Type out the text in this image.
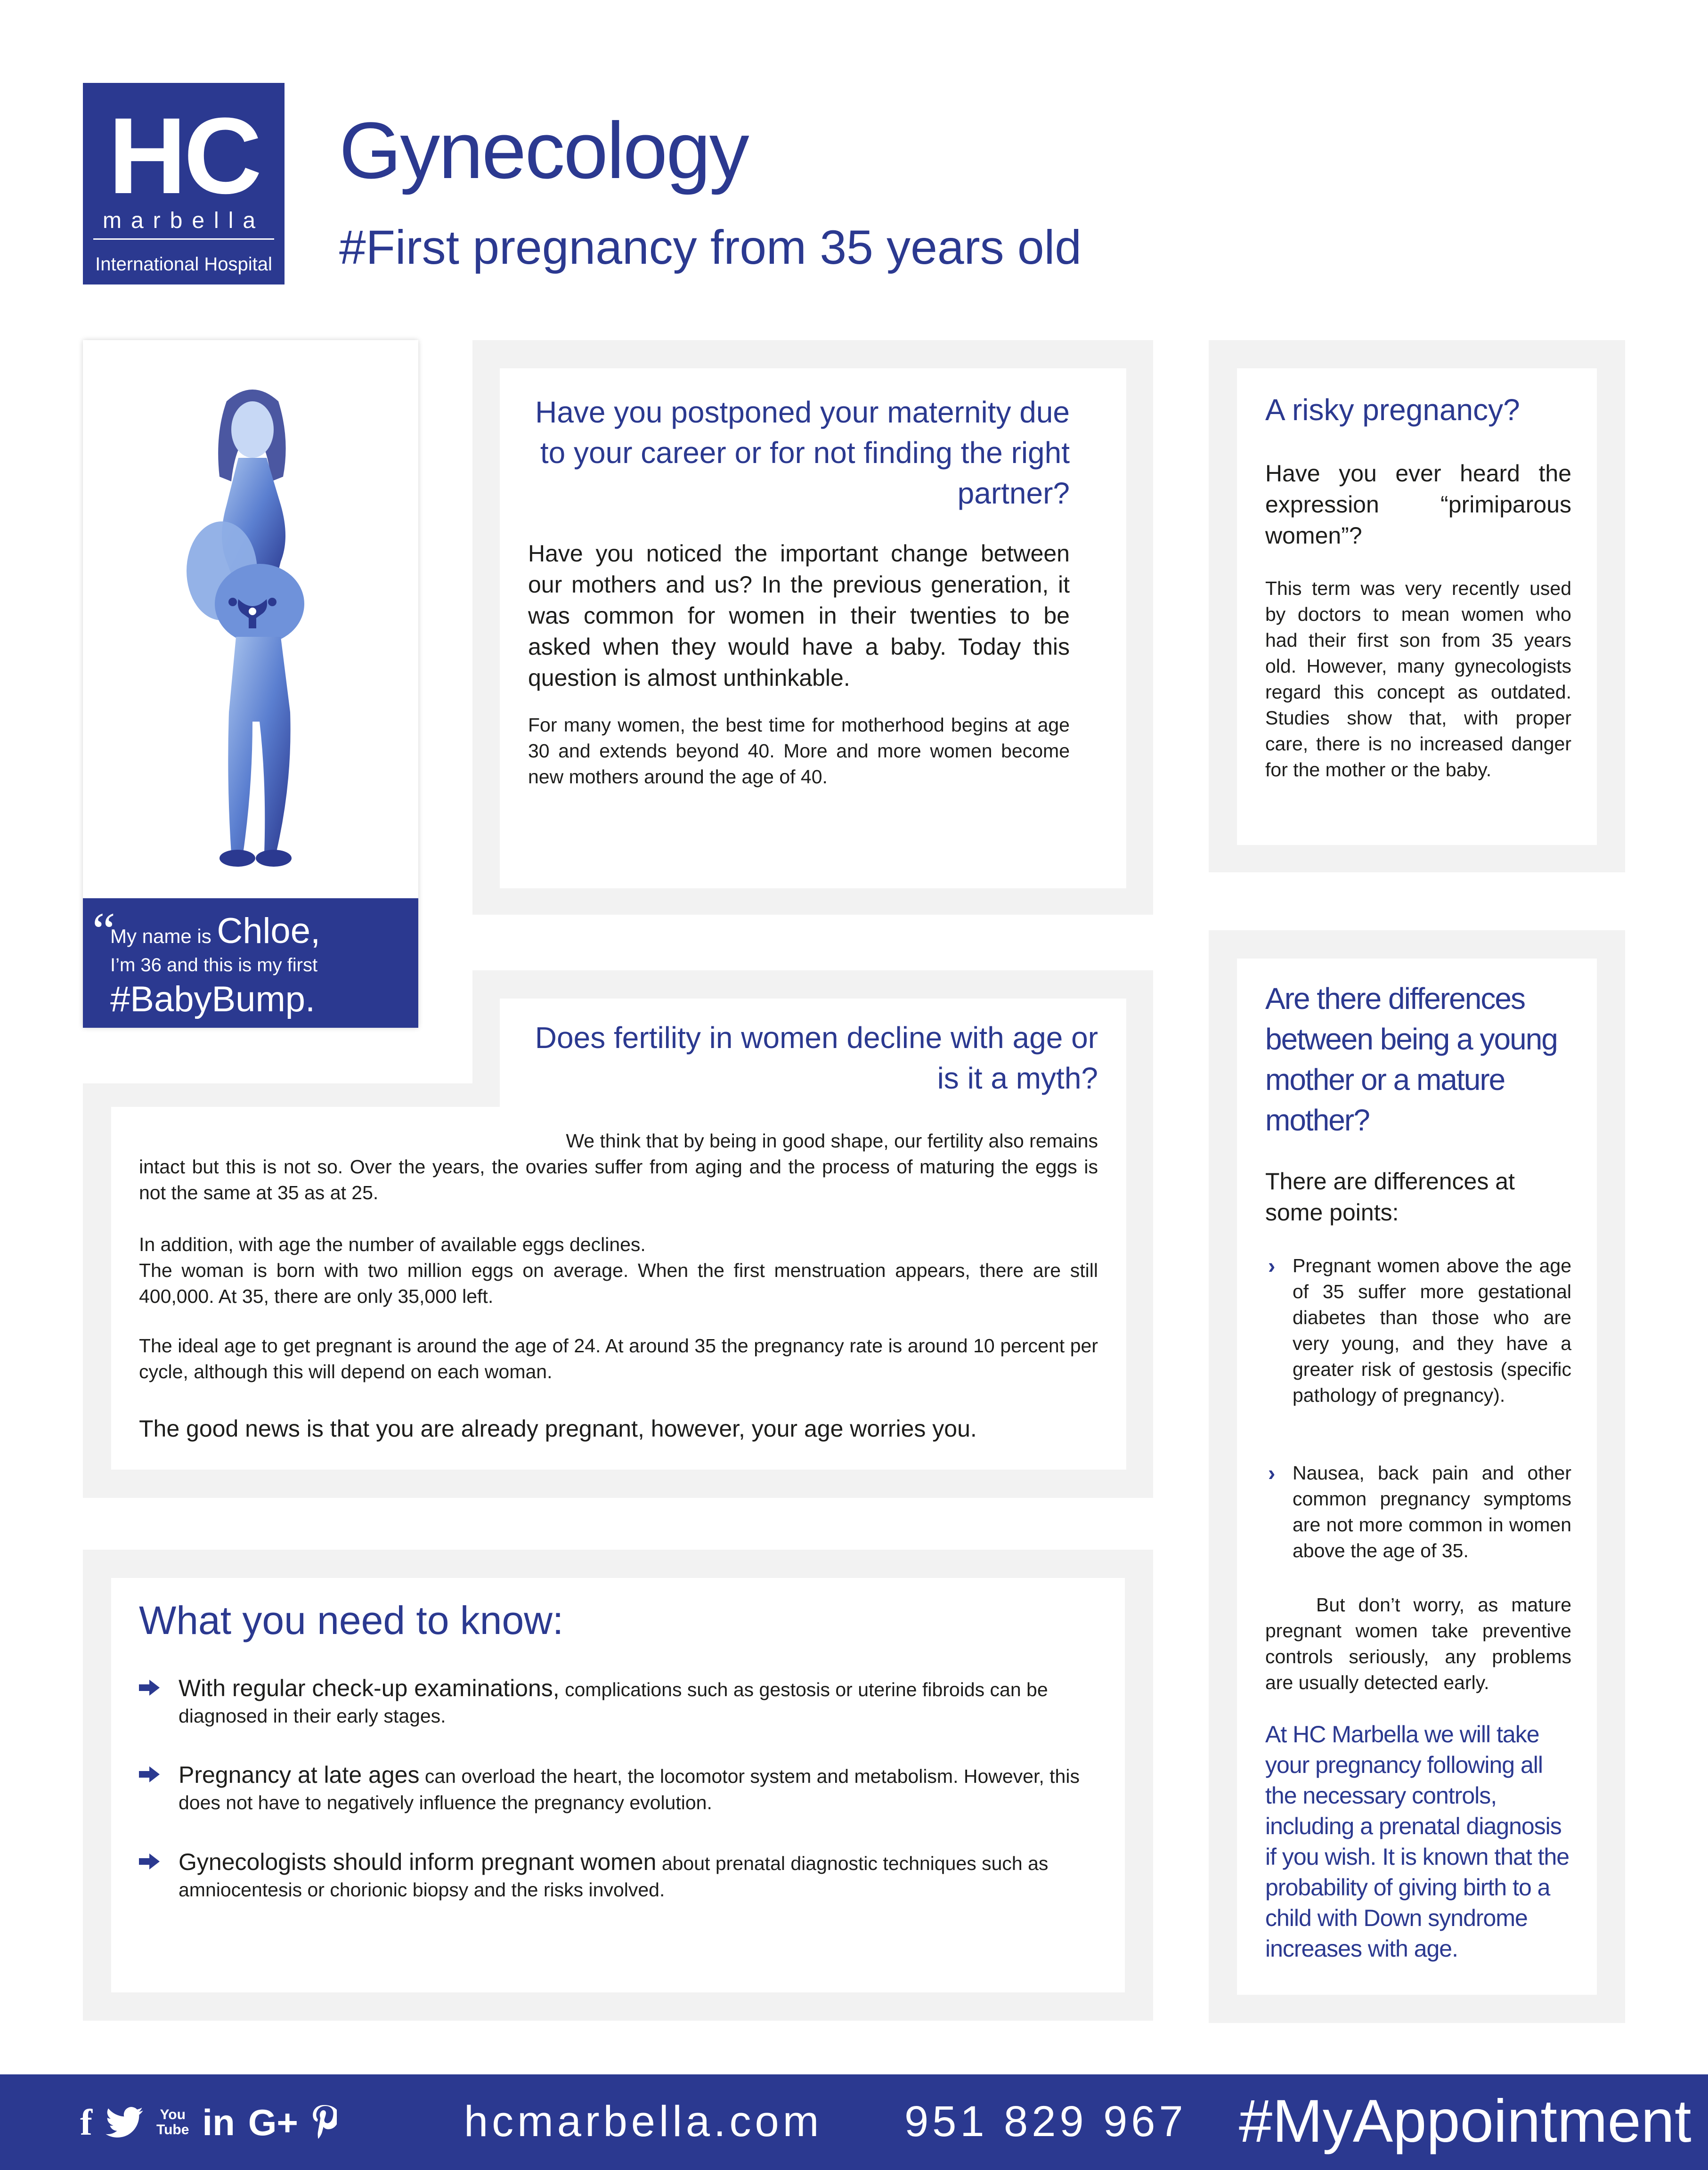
HC
marbella
International Hospital
Gynecology
#First pregnancy from 35 years old
“
My name is Chloe,
I’m 36 and this is my first
#BabyBump.
Have you postponed your maternity due to your career or for not finding the right partner?

Have you noticed the important change between our mothers and us? In the previous generation, it was common for women in their twenties to be asked when they would have a baby. Today this question is almost unthinkable.

For many women, the best time for motherhood begins at age 30 and extends beyond 40. More and more women become new mothers around the age of 40.

A risky pregnancy?

Have you ever heard the expression “primiparous women”?

This term was very recently used by doctors to mean women who had their first son from 35 years old. However, many gynecologists regard this concept as outdated. Studies show that, with proper care, there is no increased danger for the mother or the baby.

Does fertility in women decline with age or is it a myth?

We think that by being in good shape, our fertility also remains

intact but this is not so. Over the years, the ovaries suffer from aging and the process of maturing the eggs is not the same at 35 as at 25.

In addition, with age the number of available eggs declines.

The woman is born with two million eggs on average. When the first menstruation appears, there are still 400,000. At 35, there are only 35,000 left.

The ideal age to get pregnant is around the age of 24. At around 35 the pregnancy rate is around 10 percent per cycle, although this will depend on each woman.

The good news is that you are already pregnant, however, your age worries you.

Are there differences between being a young mother or a mature mother?

There are differences at some points:

› Pregnant women above the age of 35 suffer more gestational diabetes than those who are very young, and they have a greater risk of gestosis (specific pathology of pregnancy).

› Nausea, back pain and other common pregnancy symptoms are not more common in women above the age of 35.

But don’t worry, as mature pregnant women take preventive controls seriously, any problems are usually detected early.

At HC Marbella we will take your pregnancy following all the necessary controls, including a prenatal diagnosis if you wish. It is known that the probability of giving birth to a child with Down syndrome increases with age.

What you need to know:

With regular check-up examinations, complications such as gestosis or uterine fibroids can be diagnosed in their early stages.

Pregnancy at late ages can overload the heart, the locomotor system and metabolism. However, this does not have to negatively influence the pregnancy evolution.

Gynecologists should inform pregnant women about prenatal diagnostic techniques such as amniocentesis or chorionic biopsy and the risks involved.

f	You
Tube in G+	hcmarbella.com 951 829 967 #MyAppointment
